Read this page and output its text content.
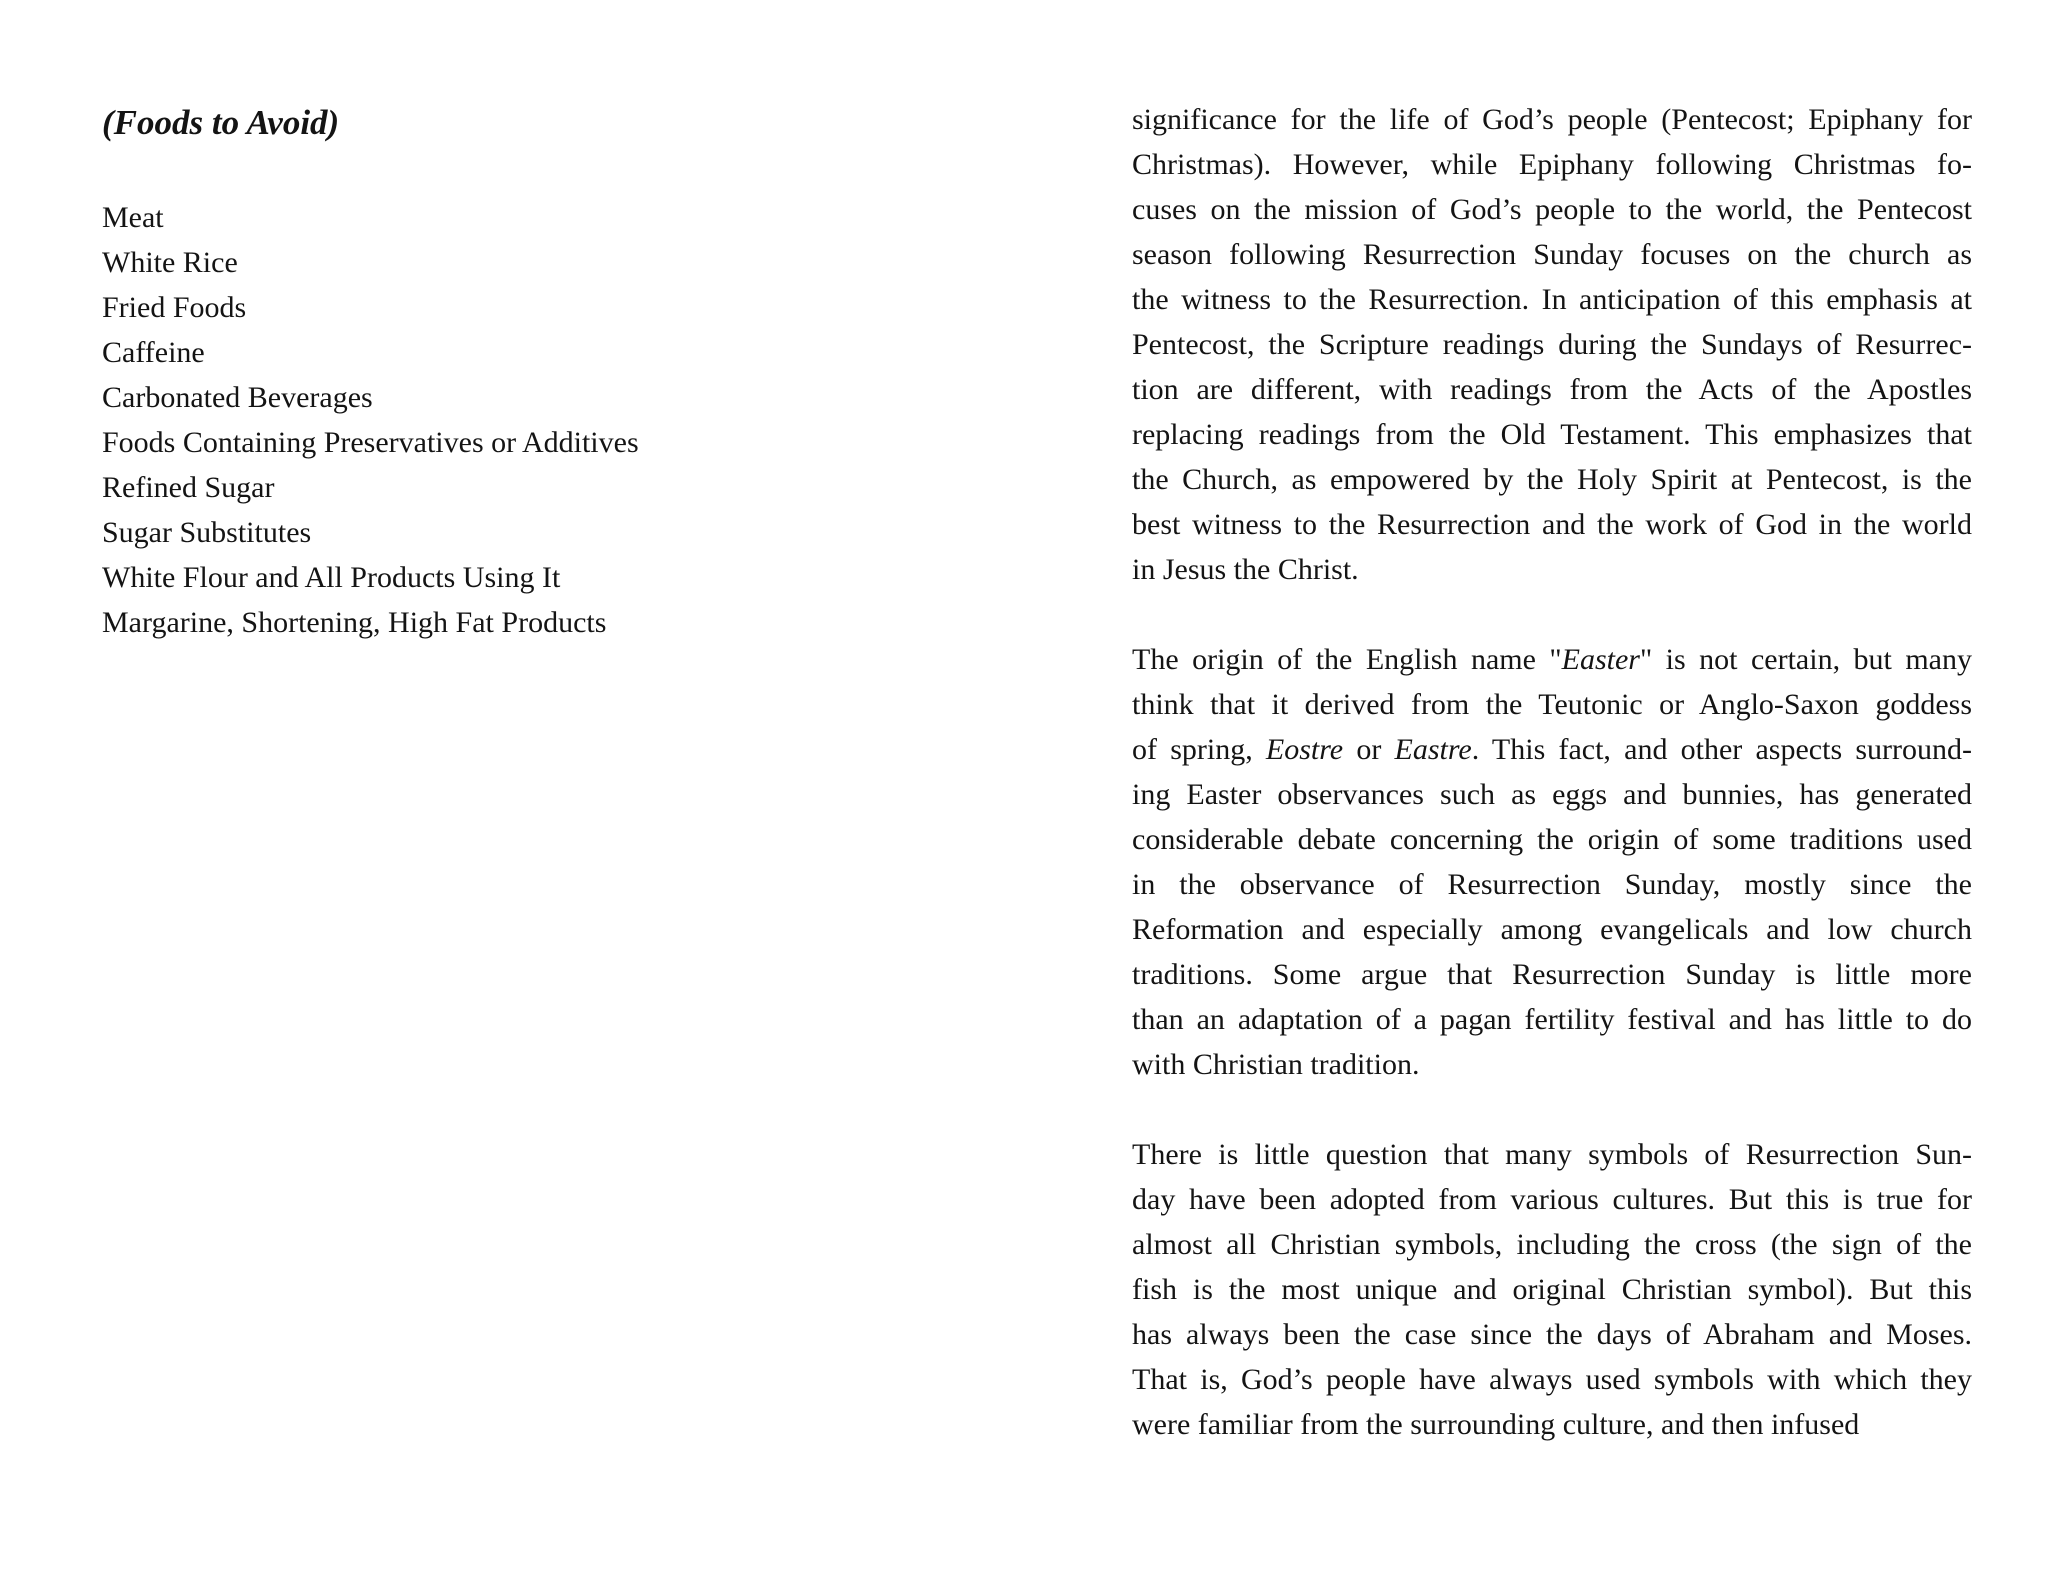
(Foods to Avoid)
Meat
White Rice
Fried Foods
Caffeine
Carbonated Beverages
Foods Containing Preservatives or Additives
Refined Sugar
Sugar Substitutes
White Flour and All Products Using It
Margarine, Shortening, High Fat Products

significance for the life of God’s people (Pentecost; Epiphany for
Christmas). However, while Epiphany following Christmas fo-
cuses on the mission of God’s people to the world, the Pentecost
season following Resurrection Sunday focuses on the church as
the witness to the Resurrection. In anticipation of this emphasis at
Pentecost, the Scripture readings during the Sundays of Resurrec-
tion are different, with readings from the Acts of the Apostles
replacing readings from the Old Testament. This emphasizes that
the Church, as empowered by the Holy Spirit at Pentecost, is the
best witness to the Resurrection and the work of God in the world
in Jesus the Christ.

The origin of the English name "Easter" is not certain, but many
think that it derived from the Teutonic or Anglo-Saxon goddess
of spring, Eostre or Eastre. This fact, and other aspects surround-
ing Easter observances such as eggs and bunnies, has generated
considerable debate concerning the origin of some traditions used
in the observance of Resurrection Sunday, mostly since the
Reformation and especially among evangelicals and low church
traditions. Some argue that Resurrection Sunday is little more
than an adaptation of a pagan fertility festival and has little to do
with Christian tradition.

There is little question that many symbols of Resurrection Sun-
day have been adopted from various cultures. But this is true for
almost all Christian symbols, including the cross (the sign of the
fish is the most unique and original Christian symbol). But this
has always been the case since the days of Abraham and Moses.
That is, God’s people have always used symbols with which they
were familiar from the surrounding culture, and then infused
